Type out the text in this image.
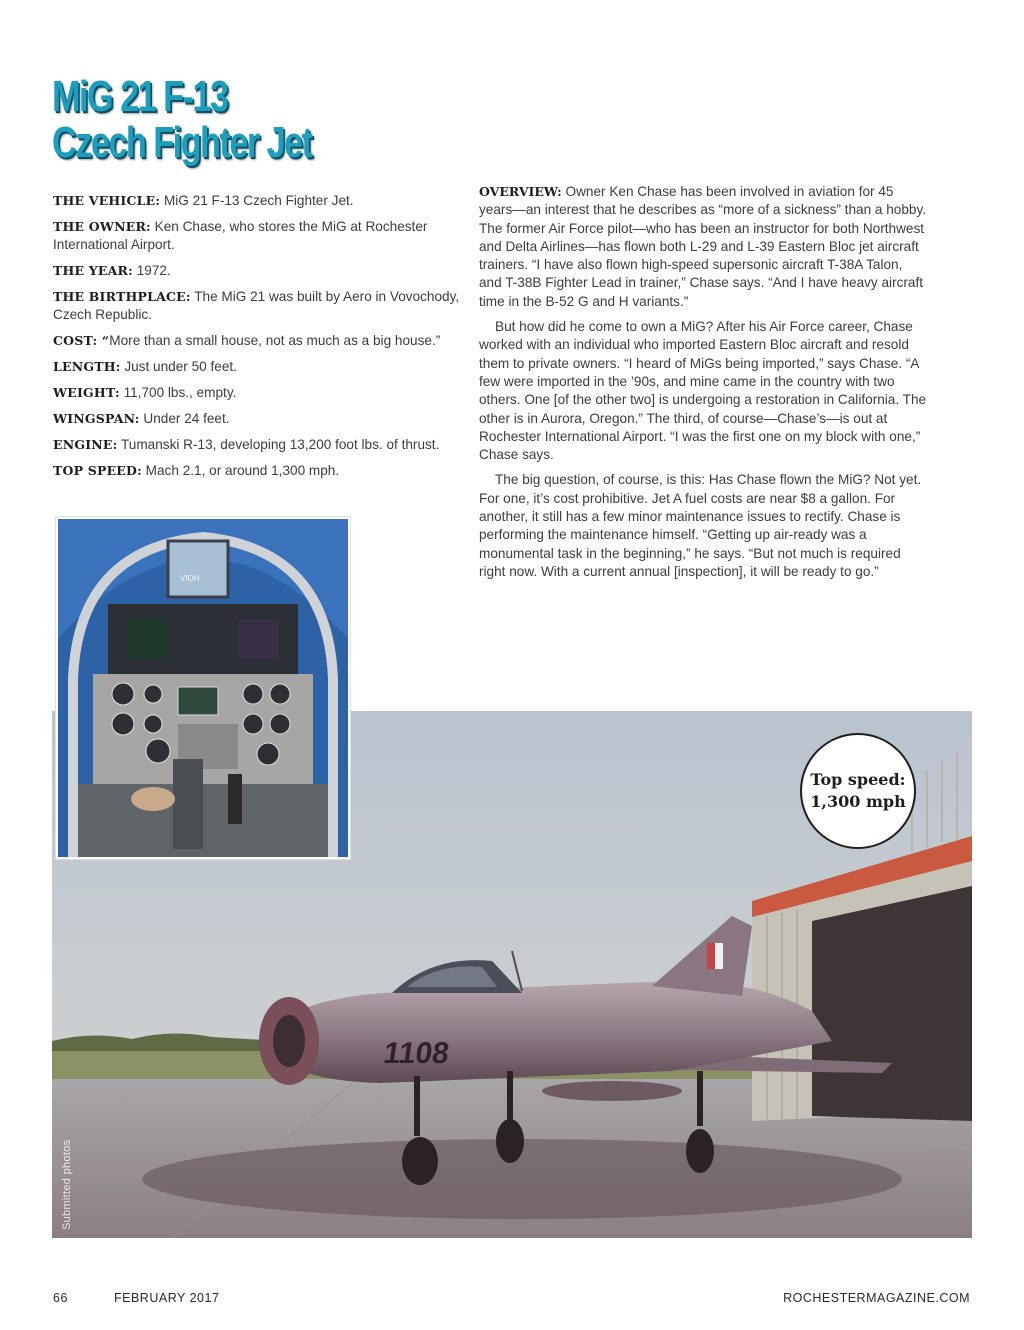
MiG 21 F-13
Czech Fighter Jet

THE VEHICLE: MiG 21 F-13 Czech Fighter Jet.

THE OWNER: Ken Chase, who stores the MiG at Rochester International Airport.

THE YEAR: 1972.

THE BIRTHPLACE: The MiG 21 was built by Aero in Vovochody, Czech Republic.

COST: “More than a small house, not as much as a big house.”

LENGTH: Just under 50 feet.

WEIGHT: 11,700 lbs., empty.

WINGSPAN: Under 24 feet.

ENGINE: Tumanski R-13, developing 13,200 foot lbs. of thrust.

TOP SPEED: Mach 2.1, or around 1,300 mph.

OVERVIEW: Owner Ken Chase has been involved in aviation for 45 years—an interest that he describes as “more of a sickness” than a hobby. The former Air Force pilot—who has been an instructor for both Northwest and Delta Airlines—has flown both L-29 and L-39 Eastern Bloc jet aircraft trainers. “I have also flown high-speed supersonic aircraft T-38A Talon, and T-38B Fighter Lead in trainer,” Chase says. “And I have heavy aircraft time in the B-52 G and H variants.”

But how did he come to own a MiG? After his Air Force career, Chase worked with an individual who imported Eastern Bloc aircraft and resold them to private owners. “I heard of MiGs being imported,” says Chase. “A few were imported in the ’90s, and mine came in the country with two others. One [of the other two] is undergoing a restoration in California. The other is in Aurora, Oregon.” The third, of course—Chase’s—is out at Rochester International Airport. “I was the first one on my block with one,” Chase says.

The big question, of course, is this: Has Chase flown the MiG? Not yet. For one, it’s cost prohibitive. Jet A fuel costs are near $8 a gallon. For another, it still has a few minor maintenance issues to rectify. Chase is performing the maintenance himself. “Getting up air-ready was a monumental task in the beginning,” he says. “But not much is required right now. With a current annual [inspection], it will be ready to go.”

1108
VIOH
Top speed:
1,300 mph
Submitted photos
66	FEBRUARY 2017	ROCHESTERMAGAZINE.COM
